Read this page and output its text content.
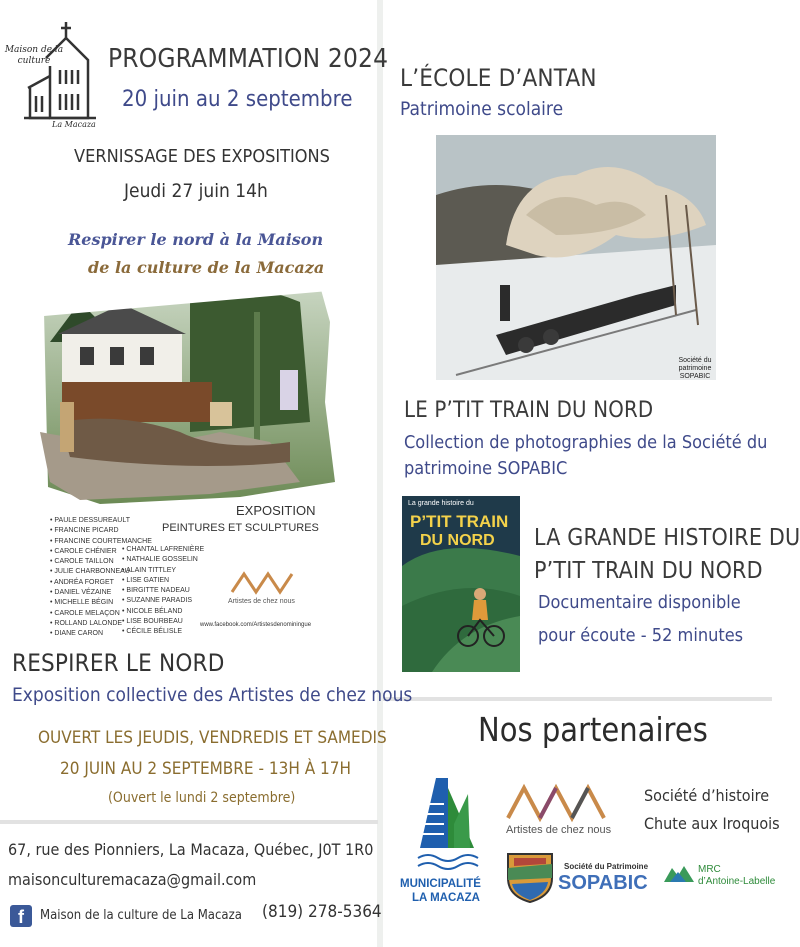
Maison de la
culture
La Macaza
PROGRAMMATION 2024
20 juin au 2 septembre
VERNISSAGE DES EXPOSITIONS
Jeudi 27 juin 14h
Respirer le nord à la Maison
de la culture de la Macaza
EXPOSITION
PEINTURES ET SCULPTURES
• PAULE DESSUREAULT
• FRANCINE PICARD
• FRANCINE COURTEMANCHE
• CAROLE CHÉNIER
• CAROLE TAILLON
• JULIE CHARBONNEAU
• ANDRÉA FORGET
• DANIEL VÉZAINE
• MICHELLE BÉGIN
• CAROLE MELAÇON
• ROLLAND LALONDE
• DIANE CARON
• CHANTAL LAFRENIÈRE
• NATHALIE GOSSELIN
• ALAIN TITTLEY
• LISE GATIEN
• BIRGITTE NADEAU
• SUZANNE PARADIS
• NICOLE BÉLAND
• LISE BOURBEAU
• CÉCILE BÉLISLE
Artistes de chez nous
www.facebook.com/Artistesdenominingue
RESPIRER LE NORD
Exposition collective des Artistes de chez nous
OUVERT LES JEUDIS, VENDREDIS ET SAMEDIS
20 JUIN AU 2 SEPTEMBRE - 13H À 17H
(Ouvert le lundi 2 septembre)
67, rue des Pionniers, La Macaza, Québec, J0T 1R0
maisonculturemacaza@gmail.com
f	Maison de la culture de La Macaza (819) 278-5364
L’ÉCOLE D’ANTAN
Patrimoine scolaire
Société du
patrimoine
SOPABIC
LE P’TIT TRAIN DU NORD
Collection de photographies de la Société du
patrimoine SOPABIC
La grande histoire du
P’TIT TRAIN
DU NORD LA GRANDE HISTOIRE DU
P’TIT TRAIN DU NORD
Documentaire disponible
pour écoute - 52 minutes
Nos partenaires
Artistes de chez nous
Société d’histoire
Chute aux Iroquois
MUNICIPALITÉ
LA MACAZA
Société du Patrimoine
SOPABIC
MRC
d’Antoine-Labelle
